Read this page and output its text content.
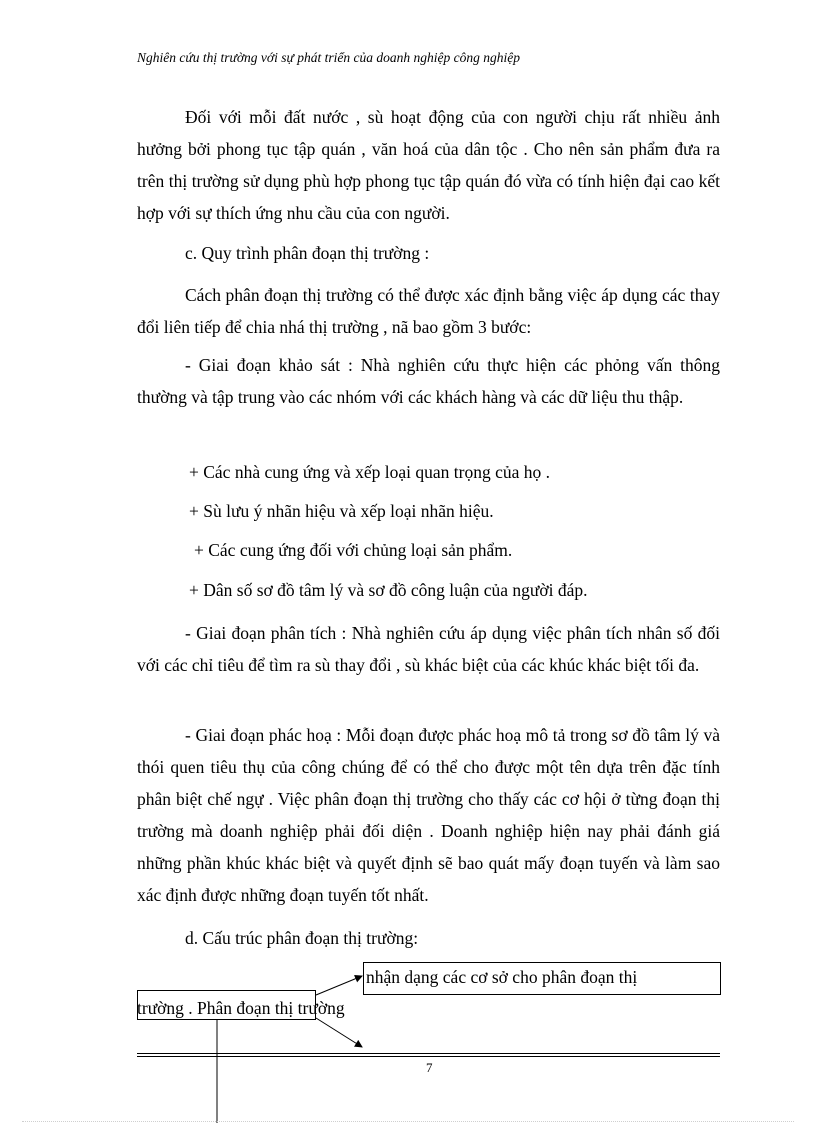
Nghiên cứu thị trường với sự phát triển của doanh nghiệp công nghiệp

Đối với mỗi đất nước , sù hoạt động của con người chịu rất nhiều ảnh hưởng bởi phong tục tập quán , văn hoá của dân tộc . Cho nên sản phẩm đưa ra trên thị trường sử dụng phù hợp phong tục tập quán đó vừa có tính hiện đại cao kết hợp với sự thích ứng nhu cầu của con người.

c. Quy trình phân đoạn thị trường :

Cách phân đoạn thị trường có thể được xác định bằng việc áp dụng các thay đổi liên tiếp để chia nhá thị trường , nã bao gồm 3 bước:

- Giai đoạn khảo sát : Nhà nghiên cứu thực hiện các phỏng vấn thông thường và tập trung vào các nhóm với các khách hàng và các dữ liệu thu thập.

+ Các nhà cung ứng và xếp loại quan trọng của họ .
+ Sù lưu ý nhãn hiệu và xếp loại nhãn hiệu.
+ Các cung ứng đối với chủng loại sản phẩm.
+ Dân số sơ đồ tâm lý và sơ đồ công luận của người đáp.

- Giai đoạn phân tích : Nhà nghiên cứu áp dụng việc phân tích nhân số đối với các chỉ tiêu để tìm ra sù thay đổi , sù khác biệt của các khúc khác biệt tối đa.

- Giai đoạn phác hoạ : Mỗi đoạn được phác hoạ mô tả trong sơ đồ tâm lý và thói quen tiêu thụ của công chúng để có thể cho được một tên dựa trên đặc tính phân biệt chế ngự . Việc phân đoạn thị trường cho thấy các cơ hội ở từng đoạn thị trường mà doanh nghiệp phải đối diện . Doanh nghiệp hiện nay phải đánh giá những phần khúc khác biệt và quyết định sẽ bao quát mấy đoạn tuyến và làm sao xác định được những đoạn tuyến tốt nhất.

d. Cấu trúc phân đoạn thị trường:
trường . Phân đoạn thị trường
nhận dạng các cơ sở cho phân đoạn thị
7
